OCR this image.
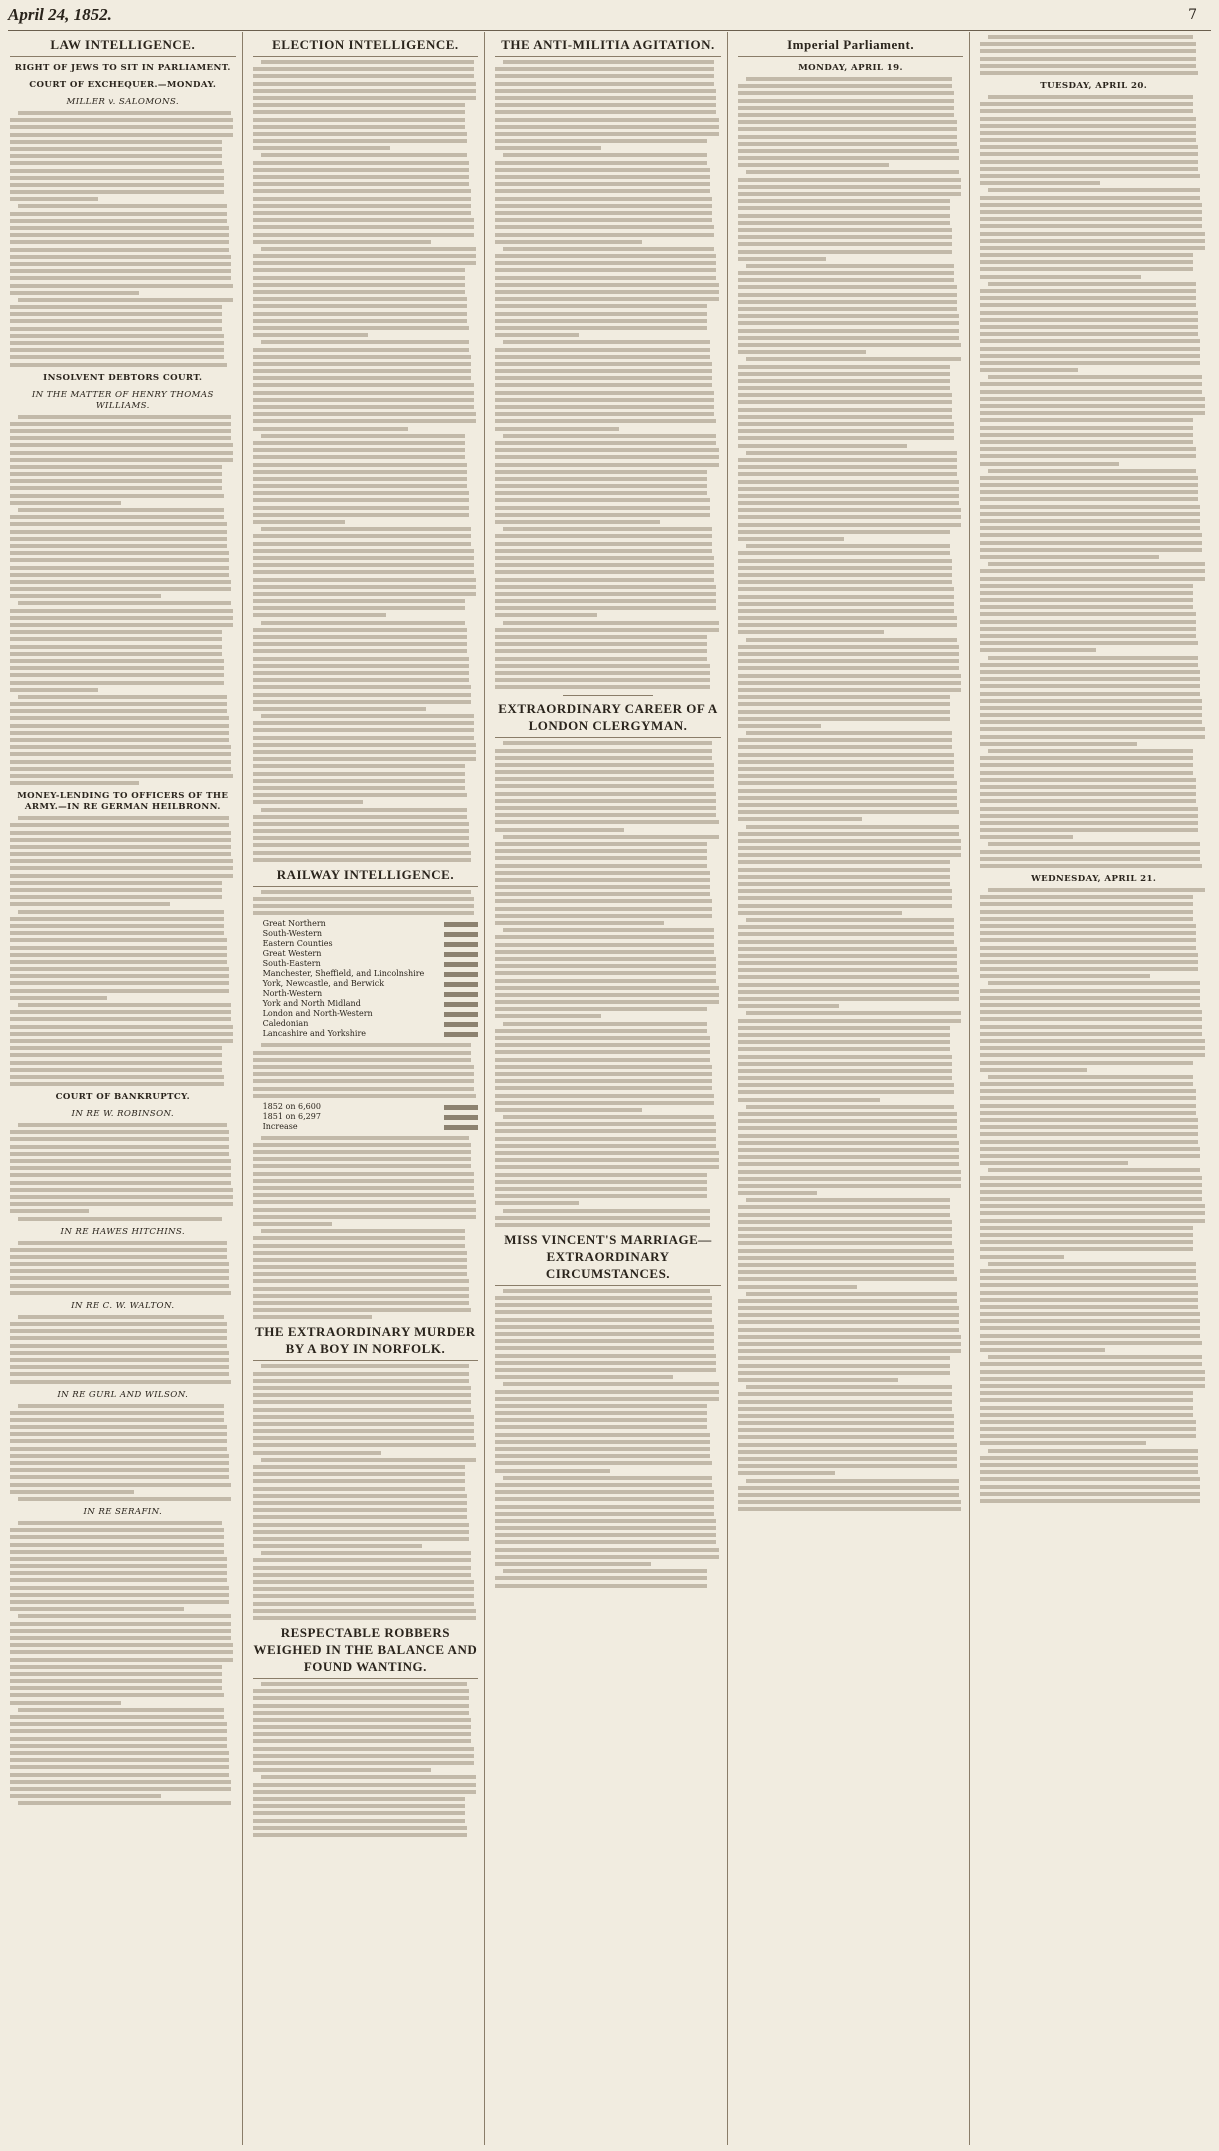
April 24, 1852.	7
LAW INTELLIGENCE.
RIGHT OF JEWS TO SIT IN PARLIAMENT.
COURT OF EXCHEQUER.—MONDAY.
MILLER v. SALOMONS.
INSOLVENT DEBTORS COURT.
IN THE MATTER OF HENRY THOMAS WILLIAMS.
MONEY-LENDING TO OFFICERS OF THE ARMY.—IN RE GERMAN HEILBRONN.
COURT OF BANKRUPTCY.
IN RE W. ROBINSON.
IN RE HAWES HITCHINS.
IN RE C. W. WALTON.
IN RE GURL AND WILSON.
IN RE SERAFIN.
ELECTION INTELLIGENCE.
RAILWAY INTELLIGENCE.
Great Northern
South-Western
Eastern Counties
Great Western
South-Eastern
Manchester, Sheffield, and Lincolnshire
York, Newcastle, and Berwick
North-Western
York and North Midland
London and North-Western
Caledonian
Lancashire and Yorkshire
1852 on 6,600
1851 on 6,297
Increase
THE EXTRAORDINARY MURDER BY A BOY IN NORFOLK.
RESPECTABLE ROBBERS WEIGHED IN THE BALANCE AND FOUND WANTING.
THE ANTI-MILITIA AGITATION.
EXTRAORDINARY CAREER OF A LONDON CLERGYMAN.
MISS VINCENT'S MARRIAGE—EXTRAORDINARY CIRCUMSTANCES.
Imperial Parliament.
MONDAY, APRIL 19.
TUESDAY, APRIL 20.
WEDNESDAY, APRIL 21.
